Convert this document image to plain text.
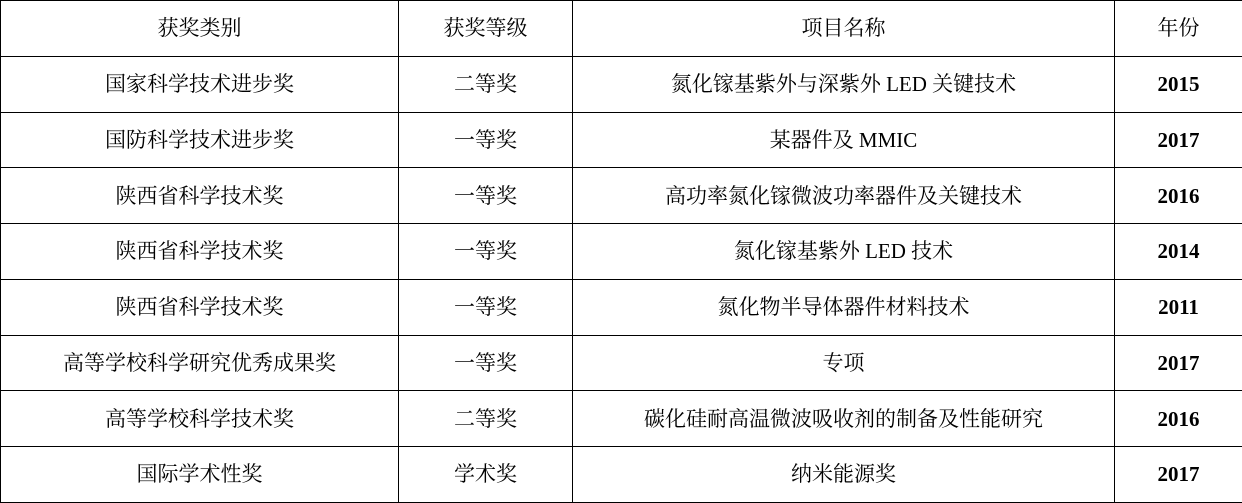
获奖类别	获奖等级	项目名称	年份
国家科学技术进步奖	二等奖	氮化镓基紫外与深紫外 LED 关键技术	2015
国防科学技术进步奖	一等奖	某器件及 MMIC	2017
陕西省科学技术奖	一等奖	高功率氮化镓微波功率器件及关键技术	2016
陕西省科学技术奖	一等奖	氮化镓基紫外 LED 技术	2014
陕西省科学技术奖	一等奖	氮化物半导体器件材料技术	2011
高等学校科学研究优秀成果奖	一等奖	专项	2017
高等学校科学技术奖	二等奖	碳化硅耐高温微波吸收剂的制备及性能研究	2016
国际学术性奖	学术奖	纳米能源奖	2017
